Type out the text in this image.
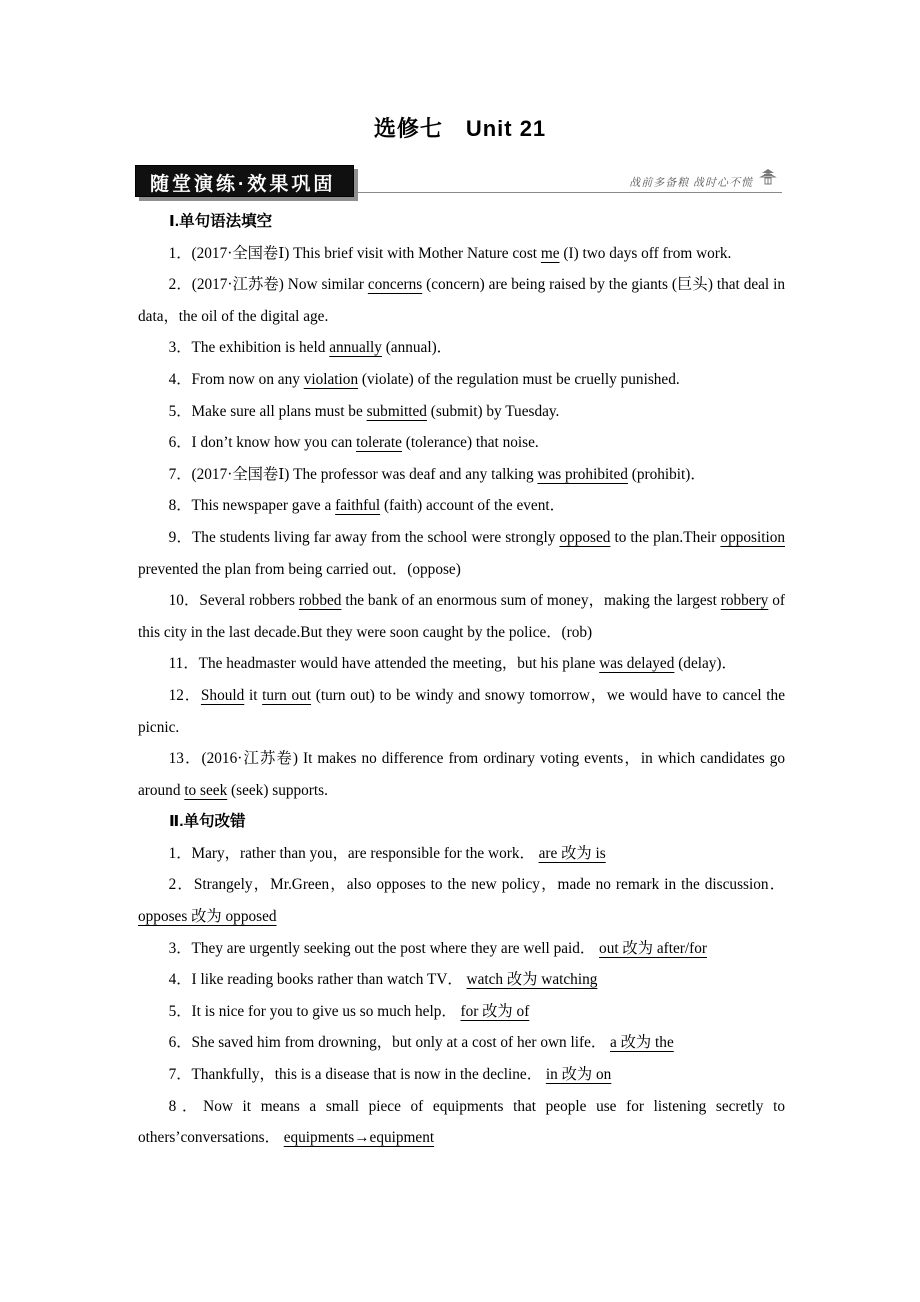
选修七　Unit 21
随堂演练·效果巩固	战前多备粮 战时心不慌

Ⅰ.单句语法填空

1．(2017·全国卷Ⅰ) This brief visit with Mother Nature cost me (I) two days off from work.

2．(2017·江苏卷) Now similar concerns (concern) are being raised by the giants (巨头) that deal in data，the oil of the digital age.

3．The exhibition is held annually (annual)．

4．From now on any violation (violate) of the regulation must be cruelly punished.

5．Make sure all plans must be submitted (submit) by Tuesday.

6．I don’t know how you can tolerate (tolerance) that noise.

7．(2017·全国卷Ⅰ) The professor was deaf and any talking was prohibited (prohibit)．

8．This newspaper gave a faithful (faith) account of the event．

9．The students living far away from the school were strongly opposed to the plan.Their opposition prevented the plan from being carried out．(oppose)

10．Several robbers robbed the bank of an enormous sum of money，making the largest robbery of this city in the last decade.But they were soon caught by the police．(rob)

11．The headmaster would have attended the meeting，but his plane was delayed (delay)．

12．Should it turn out (turn out) to be windy and snowy tomorrow，we would have to cancel the picnic.

13．(2016·江苏卷) It makes no difference from ordinary voting events，in which candidates go around to seek (seek) supports.

Ⅱ.单句改错

1．Mary，rather than you，are responsible for the work． are 改为 is

2．Strangely，Mr.Green，also opposes to the new policy，made no remark in the discussion． opposes 改为 opposed

3．They are urgently seeking out the post where they are well paid． out 改为 after/for

4．I like reading books rather than watch TV． watch 改为 watching

5．It is nice for you to give us so much help． for 改为 of

6．She saved him from drowning，but only at a cost of her own life． a 改为 the

7．Thankfully，this is a disease that is now in the decline． in 改为 on

8．Now it means a small piece of equipments that people use for listening secretly to others’conversations． equipments→equipment
